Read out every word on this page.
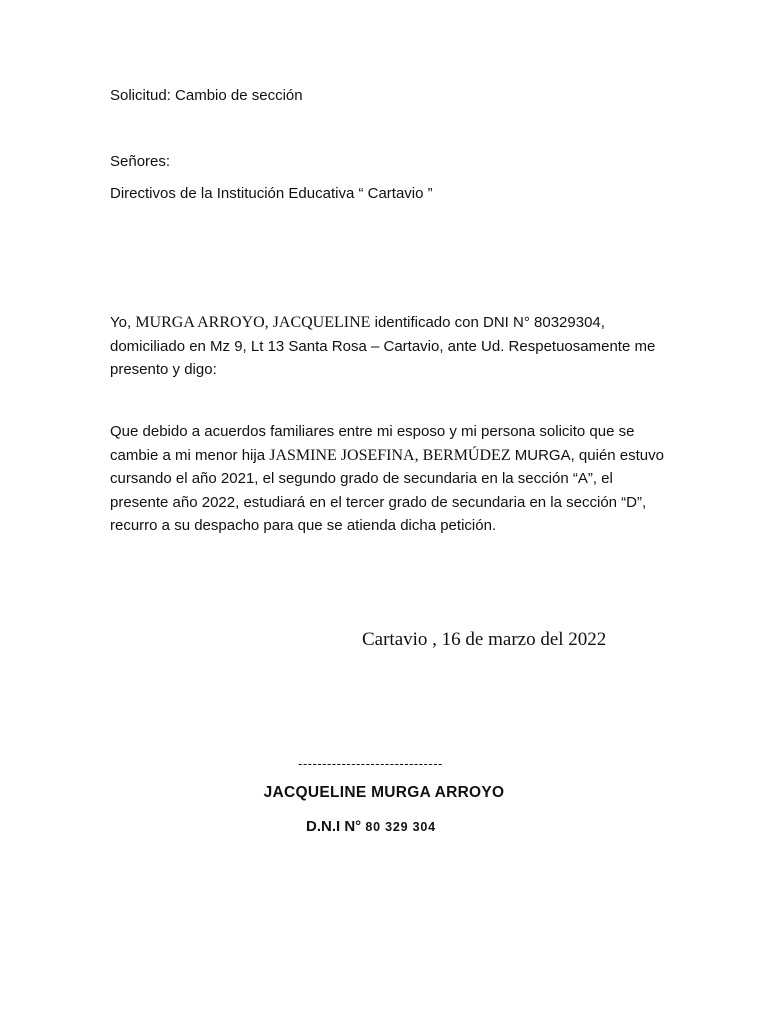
Solicitud: Cambio de sección
Señores:
Directivos de la Institución Educativa “ Cartavio ”
Yo, MURGA ARROYO, JACQUELINE identificado con DNI N° 80329304, domiciliado en Mz 9, Lt 13 Santa Rosa – Cartavio, ante Ud. Respetuosamente me presento y digo:
Que debido a acuerdos familiares entre mi esposo y mi persona solicito que se cambie a mi menor hija JASMINE JOSEFINA, BERMÚDEZ MURGA, quién estuvo cursando el año 2021, el segundo grado de secundaria en la sección “A”, el presente año 2022, estudiará en el tercer grado de secundaria en la sección “D”, recurro a su despacho para que se atienda dicha petición.
Cartavio , 16 de marzo del 2022
------------------------------
JACQUELINE MURGA ARROYO
D.N.I N° 80 329 304
